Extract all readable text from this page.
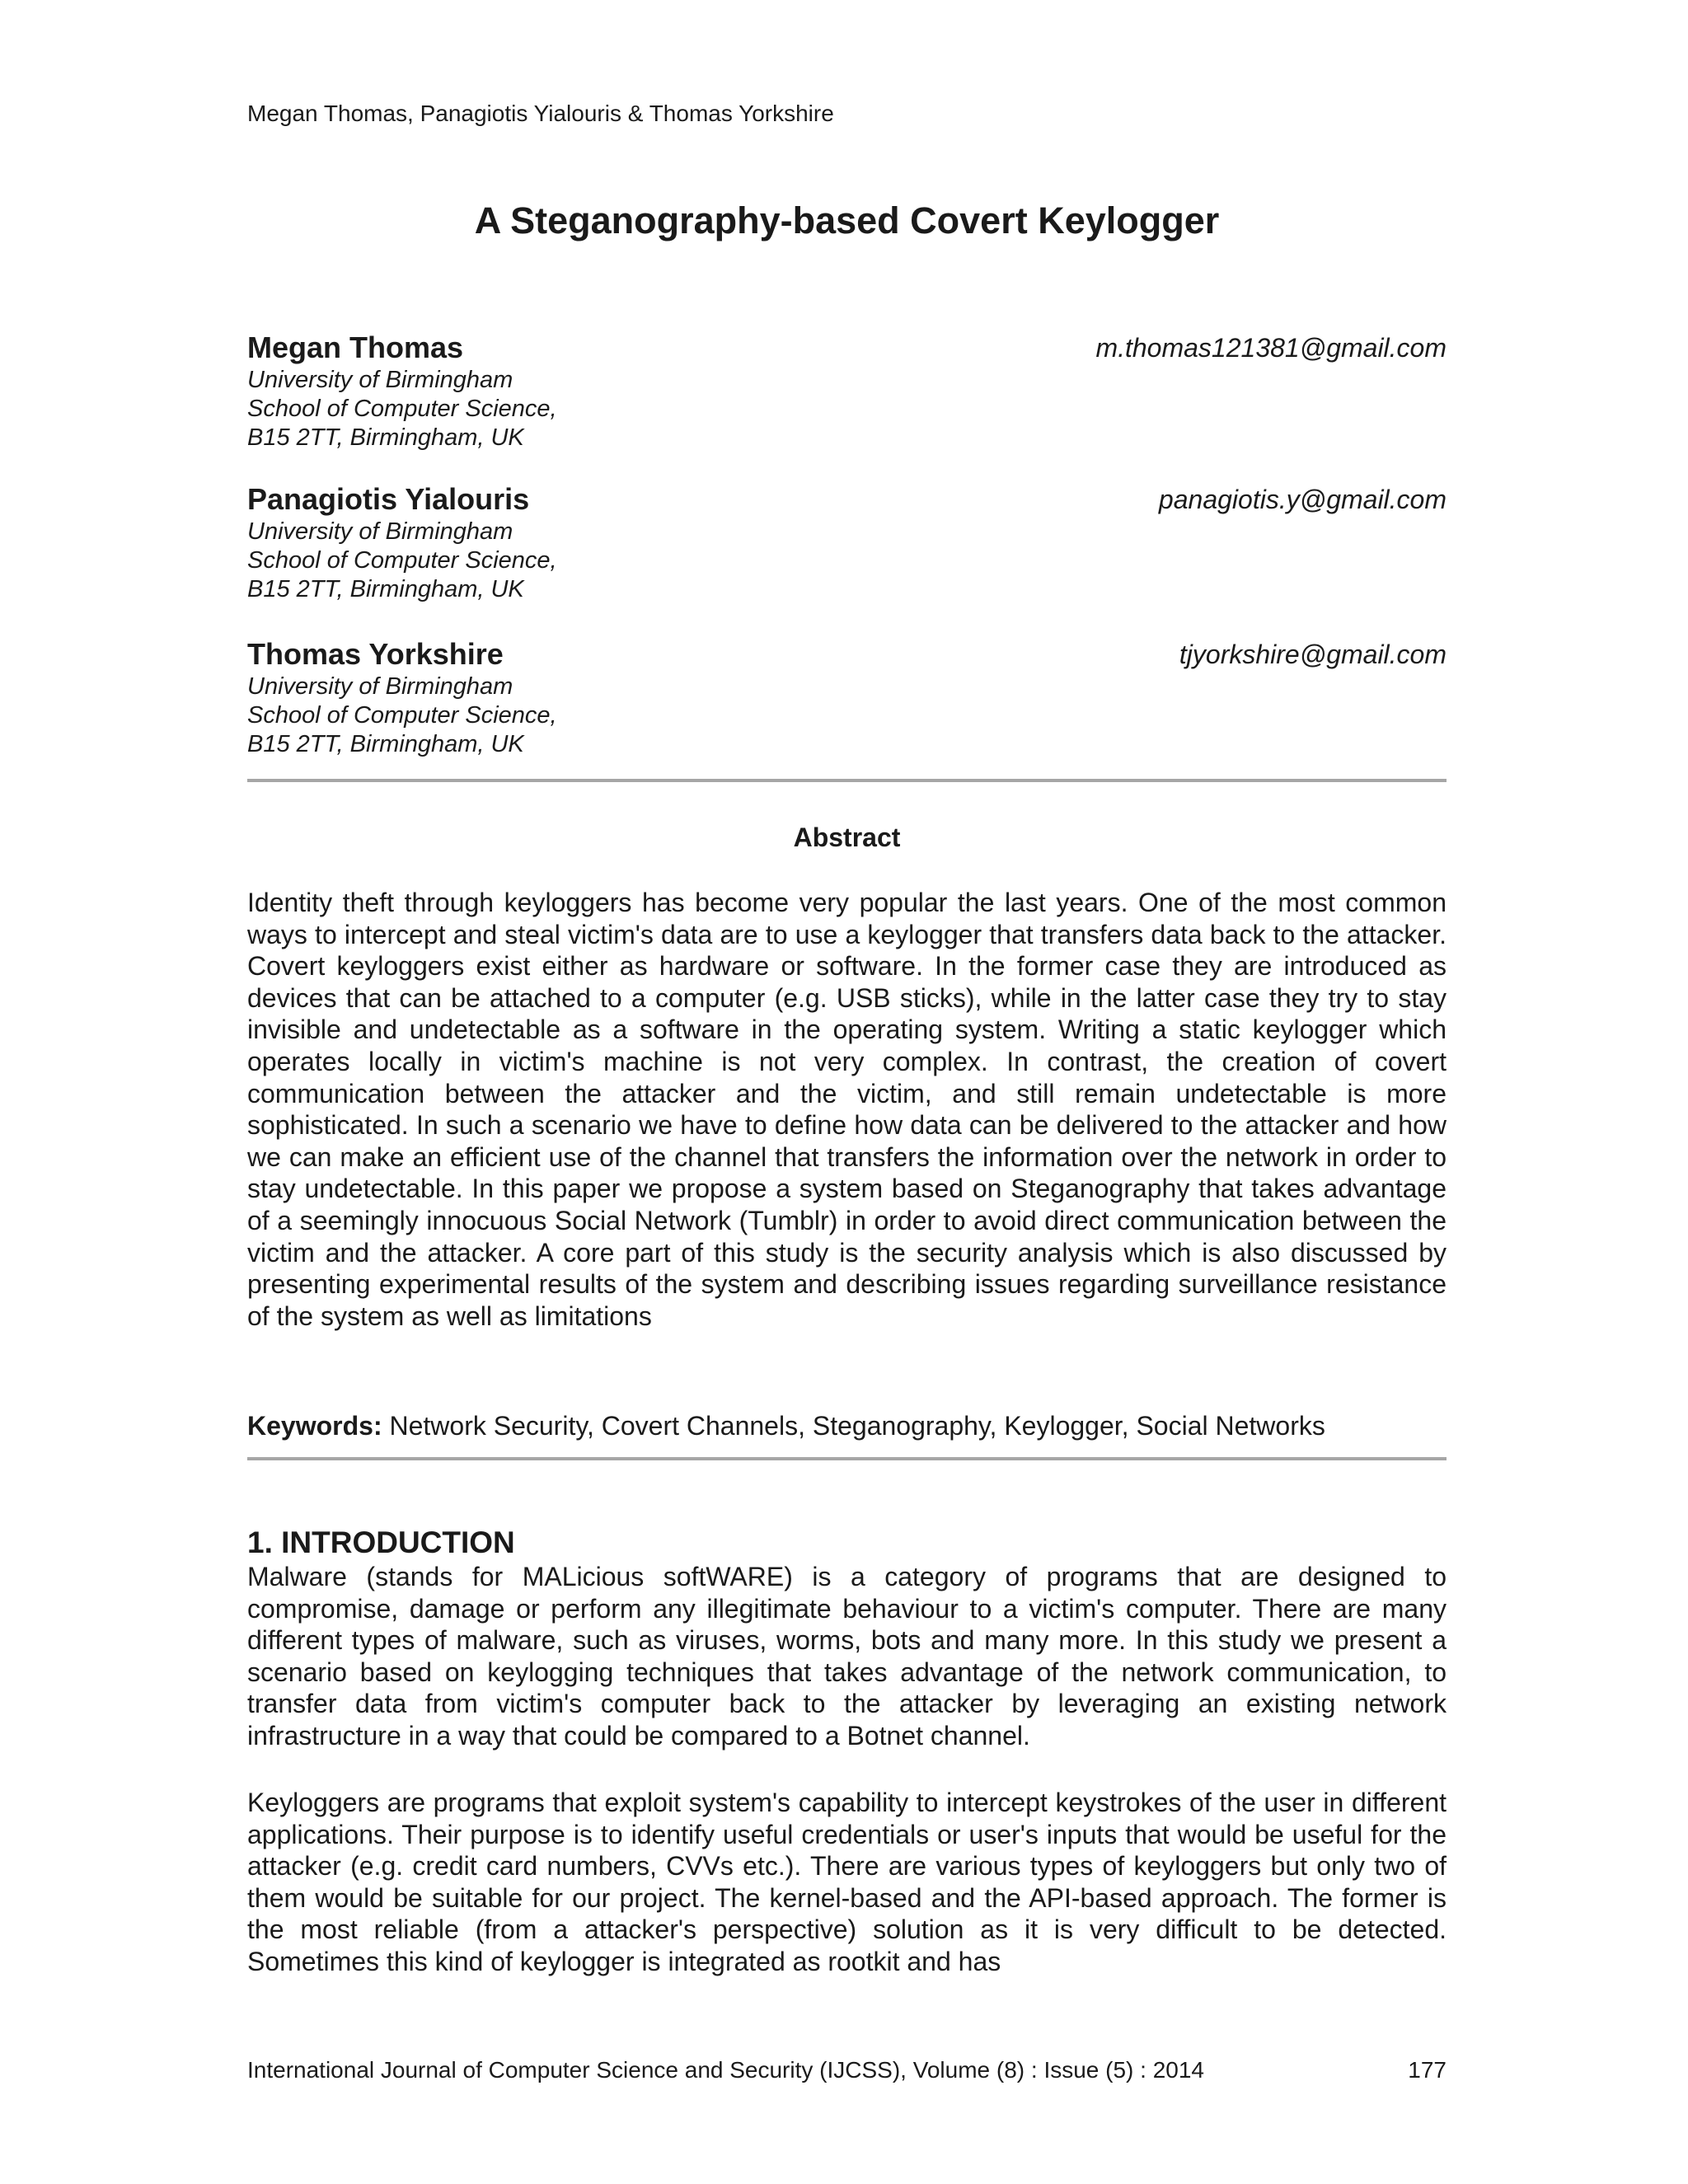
Megan Thomas, Panagiotis Yialouris & Thomas Yorkshire
A Steganography-based Covert Keylogger
Megan Thomas	m.thomas121381@gmail.com
University of Birmingham
School of Computer Science,
B15 2TT, Birmingham, UK
Panagiotis Yialouris	panagiotis.y@gmail.com
University of Birmingham
School of Computer Science,
B15 2TT, Birmingham, UK
Thomas Yorkshire	tjyorkshire@gmail.com
University of Birmingham
School of Computer Science,
B15 2TT, Birmingham, UK
Abstract

Identity theft through keyloggers has become very popular the last years. One of the most common ways to intercept and steal victim's data are to use a keylogger that transfers data back to the attacker. Covert keyloggers exist either as hardware or software. In the former case they are introduced as devices that can be attached to a computer (e.g. USB sticks), while in the latter case they try to stay invisible and undetectable as a software in the operating system. Writing a static keylogger which operates locally in victim's machine is not very complex. In contrast, the creation of covert communication between the attacker and the victim, and still remain undetectable is more sophisticated. In such a scenario we have to define how data can be delivered to the attacker and how we can make an efficient use of the channel that transfers the information over the network in order to stay undetectable. In this paper we propose a system based on Steganography that takes advantage of a seemingly innocuous Social Network (Tumblr) in order to avoid direct communication between the victim and the attacker. A core part of this study is the security analysis which is also discussed by presenting experimental results of the system and describing issues regarding surveillance resistance of the system as well as limitations

Keywords: Network Security, Covert Channels, Steganography, Keylogger, Social Networks
1. INTRODUCTION

Malware (stands for MALicious softWARE) is a category of programs that are designed to compromise, damage or perform any illegitimate behaviour to a victim's computer. There are many different types of malware, such as viruses, worms, bots and many more. In this study we present a scenario based on keylogging techniques that takes advantage of the network communication, to transfer data from victim's computer back to the attacker by leveraging an existing network infrastructure in a way that could be compared to a Botnet channel.

Keyloggers are programs that exploit system's capability to intercept keystrokes of the user in different applications. Their purpose is to identify useful credentials or user's inputs that would be useful for the attacker (e.g. credit card numbers, CVVs etc.). There are various types of keyloggers but only two of them would be suitable for our project. The kernel-based and the API-based approach. The former is the most reliable (from a attacker's perspective) solution as it is very difficult to be detected. Sometimes this kind of keylogger is integrated as rootkit and has

International Journal of Computer Science and Security (IJCSS), Volume (8) : Issue (5) : 2014	177
